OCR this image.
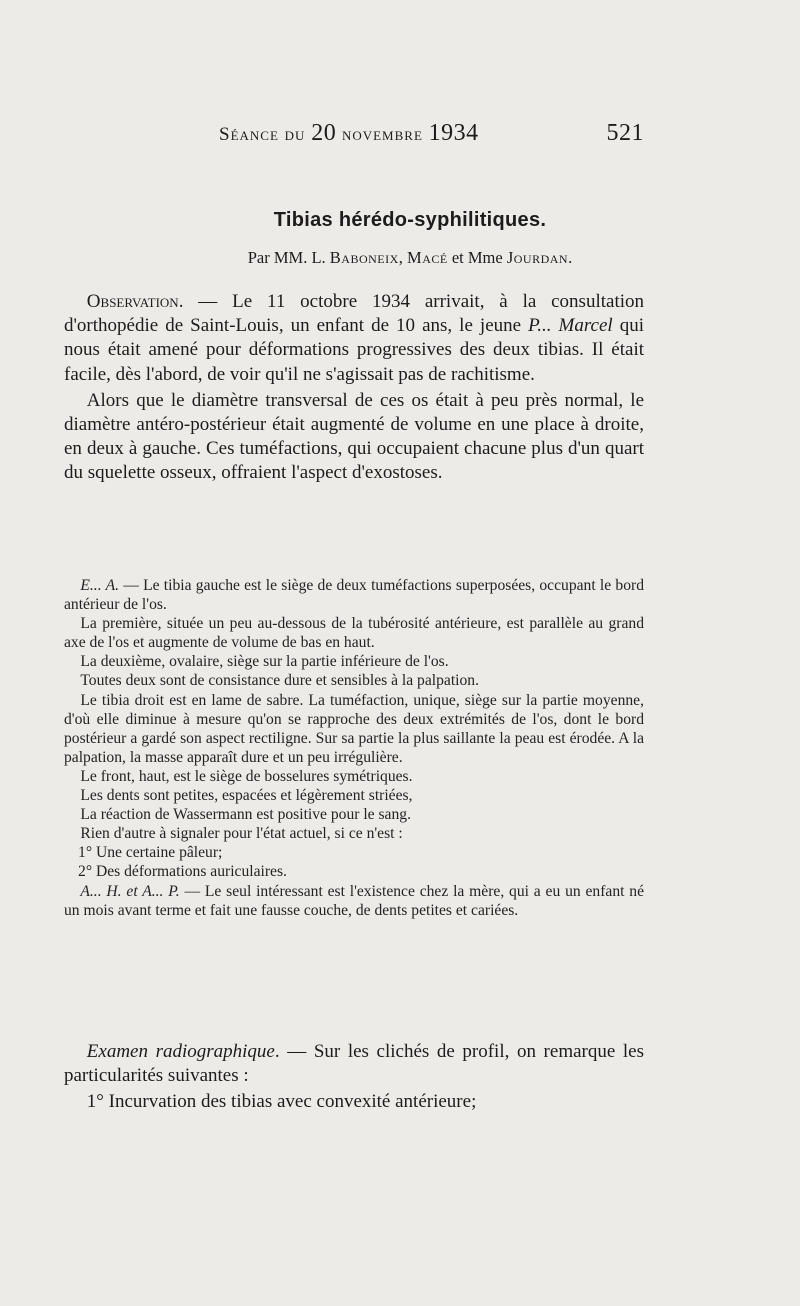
Séance du 20 novembre 1934	521
Tibias hérédo-syphilitiques.
Par MM. L. Baboneix, Macé et Mme Jourdan.

Observation. — Le 11 octobre 1934 arrivait, à la consultation d'orthopédie de Saint-Louis, un enfant de 10 ans, le jeune P... Marcel qui nous était amené pour déformations progressives des deux tibias. Il était facile, dès l'abord, de voir qu'il ne s'agissait pas de rachitisme.

Alors que le diamètre transversal de ces os était à peu près normal, le diamètre antéro-postérieur était augmenté de volume en une place à droite, en deux à gauche. Ces tuméfactions, qui occupaient chacune plus d'un quart du squelette osseux, offraient l'aspect d'exostoses.

E... A. — Le tibia gauche est le siège de deux tuméfactions superposées, occupant le bord antérieur de l'os.

La première, située un peu au-dessous de la tubérosité antérieure, est parallèle au grand axe de l'os et augmente de volume de bas en haut.

La deuxième, ovalaire, siège sur la partie inférieure de l'os.

Toutes deux sont de consistance dure et sensibles à la palpation.

Le tibia droit est en lame de sabre. La tuméfaction, unique, siège sur la partie moyenne, d'où elle diminue à mesure qu'on se rapproche des deux extrémités de l'os, dont le bord postérieur a gardé son aspect rectiligne. Sur sa partie la plus saillante la peau est érodée. A la palpation, la masse apparaît dure et un peu irrégulière.

Le front, haut, est le siège de bosselures symétriques.

Les dents sont petites, espacées et légèrement striées,

La réaction de Wassermann est positive pour le sang.

Rien d'autre à signaler pour l'état actuel, si ce n'est :

1° Une certaine pâleur;

2° Des déformations auriculaires.

A... H. et A... P. — Le seul intéressant est l'existence chez la mère, qui a eu un enfant né un mois avant terme et fait une fausse couche, de dents petites et cariées.

Examen radiographique. — Sur les clichés de profil, on remarque les particularités suivantes :

1° Incurvation des tibias avec convexité antérieure;
